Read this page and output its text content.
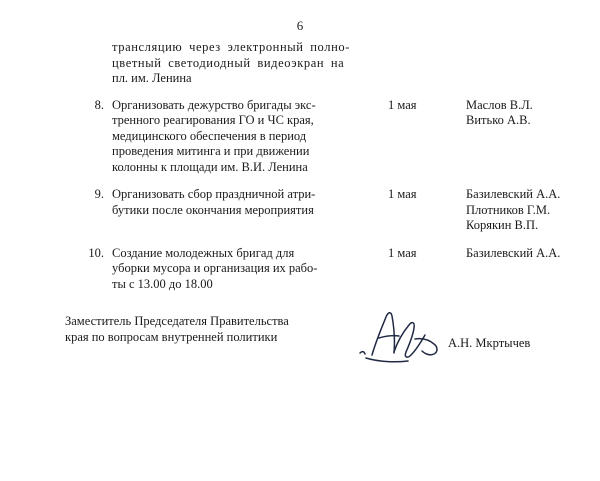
6
трансляцию через электронный полно-
цветный светодиодный видеоэкран на
пл. им. Ленина
8. Организовать дежурство бригады экс-
тренного реагирования ГО и ЧС края,
медицинского обеспечения в период
проведения митинга и при движении
колонны к площади им. В.И. Ленина
1 мая	Маслов В.Л.
Витько А.В.
9. Организовать сбор праздничной атри-
бутики после окончания мероприятия
1 мая	Базилевский А.А.
Плотников Г.М.
Корякин В.П.
10. Создание молодежных бригад для
уборки мусора и организация их рабо-
ты с 13.00 до 18.00
1 мая	Базилевский А.А.
Заместитель Председателя Правительства
края по вопросам внутренней политики	А.Н. Мкртычев
